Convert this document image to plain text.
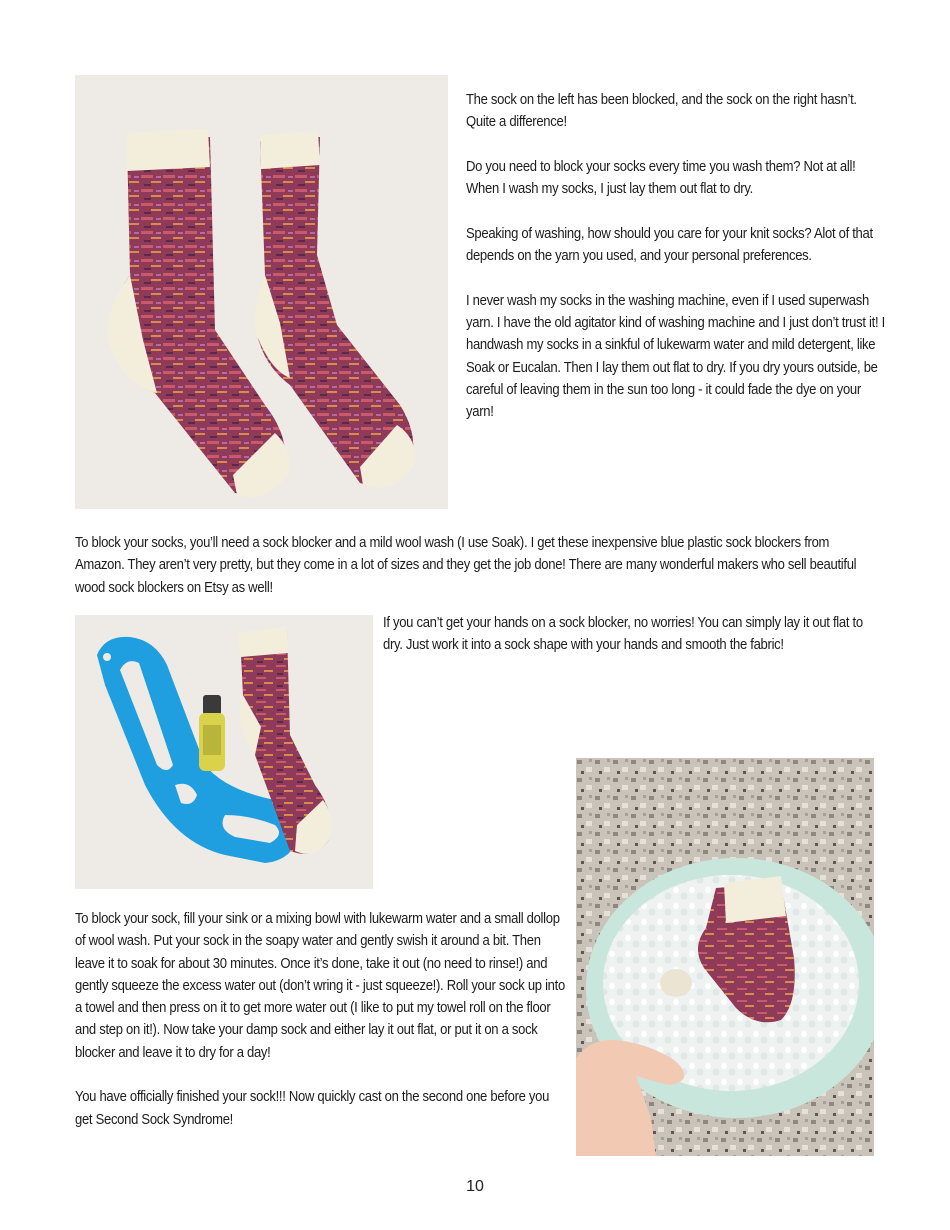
The sock on the left has been blocked, and the sock on the right hasn’t. Quite a difference!

Do you need to block your socks every time you wash them? Not at all! When I wash my socks, I just lay them out flat to dry.

Speaking of washing, how should you care for your knit socks? Alot of that depends on the yarn you used, and your personal preferences.

I never wash my socks in the washing machine, even if I used superwash yarn. I have the old agitator kind of washing machine and I just don’t trust it! I handwash my socks in a sinkful of lukewarm water and mild detergent, like Soak or Eucalan. Then I lay them out flat to dry. If you dry yours outside, be careful of leaving them in the sun too long - it could fade the dye on your yarn!

To block your socks, you’ll need a sock blocker and a mild wool wash (I use Soak). I get these inexpensive blue plastic sock blockers from Amazon. They aren’t very pretty, but they come in a lot of sizes and they get the job done! There are many wonderful makers who sell beautiful wood sock blockers on Etsy as well!

If you can’t get your hands on a sock blocker, no worries! You can simply lay it out flat to dry. Just work it into a sock shape with your hands and smooth the fabric!

To block your sock, fill your sink or a mixing bowl with lukewarm water and a small dollop of wool wash. Put your sock in the soapy water and gently swish it around a bit. Then leave it to soak for about 30 minutes. Once it’s done, take it out (no need to rinse!) and gently squeeze the excess water out (don’t wring it - just squeeze!). Roll your sock up into a towel and then press on it to get more water out (I like to put my towel roll on the floor and step on it!). Now take your damp sock and either lay it out flat, or put it on a sock blocker and leave it to dry for a day!

You have officially finished your sock!!! Now quickly cast on the second one before you get Second Sock Syndrome!

10
